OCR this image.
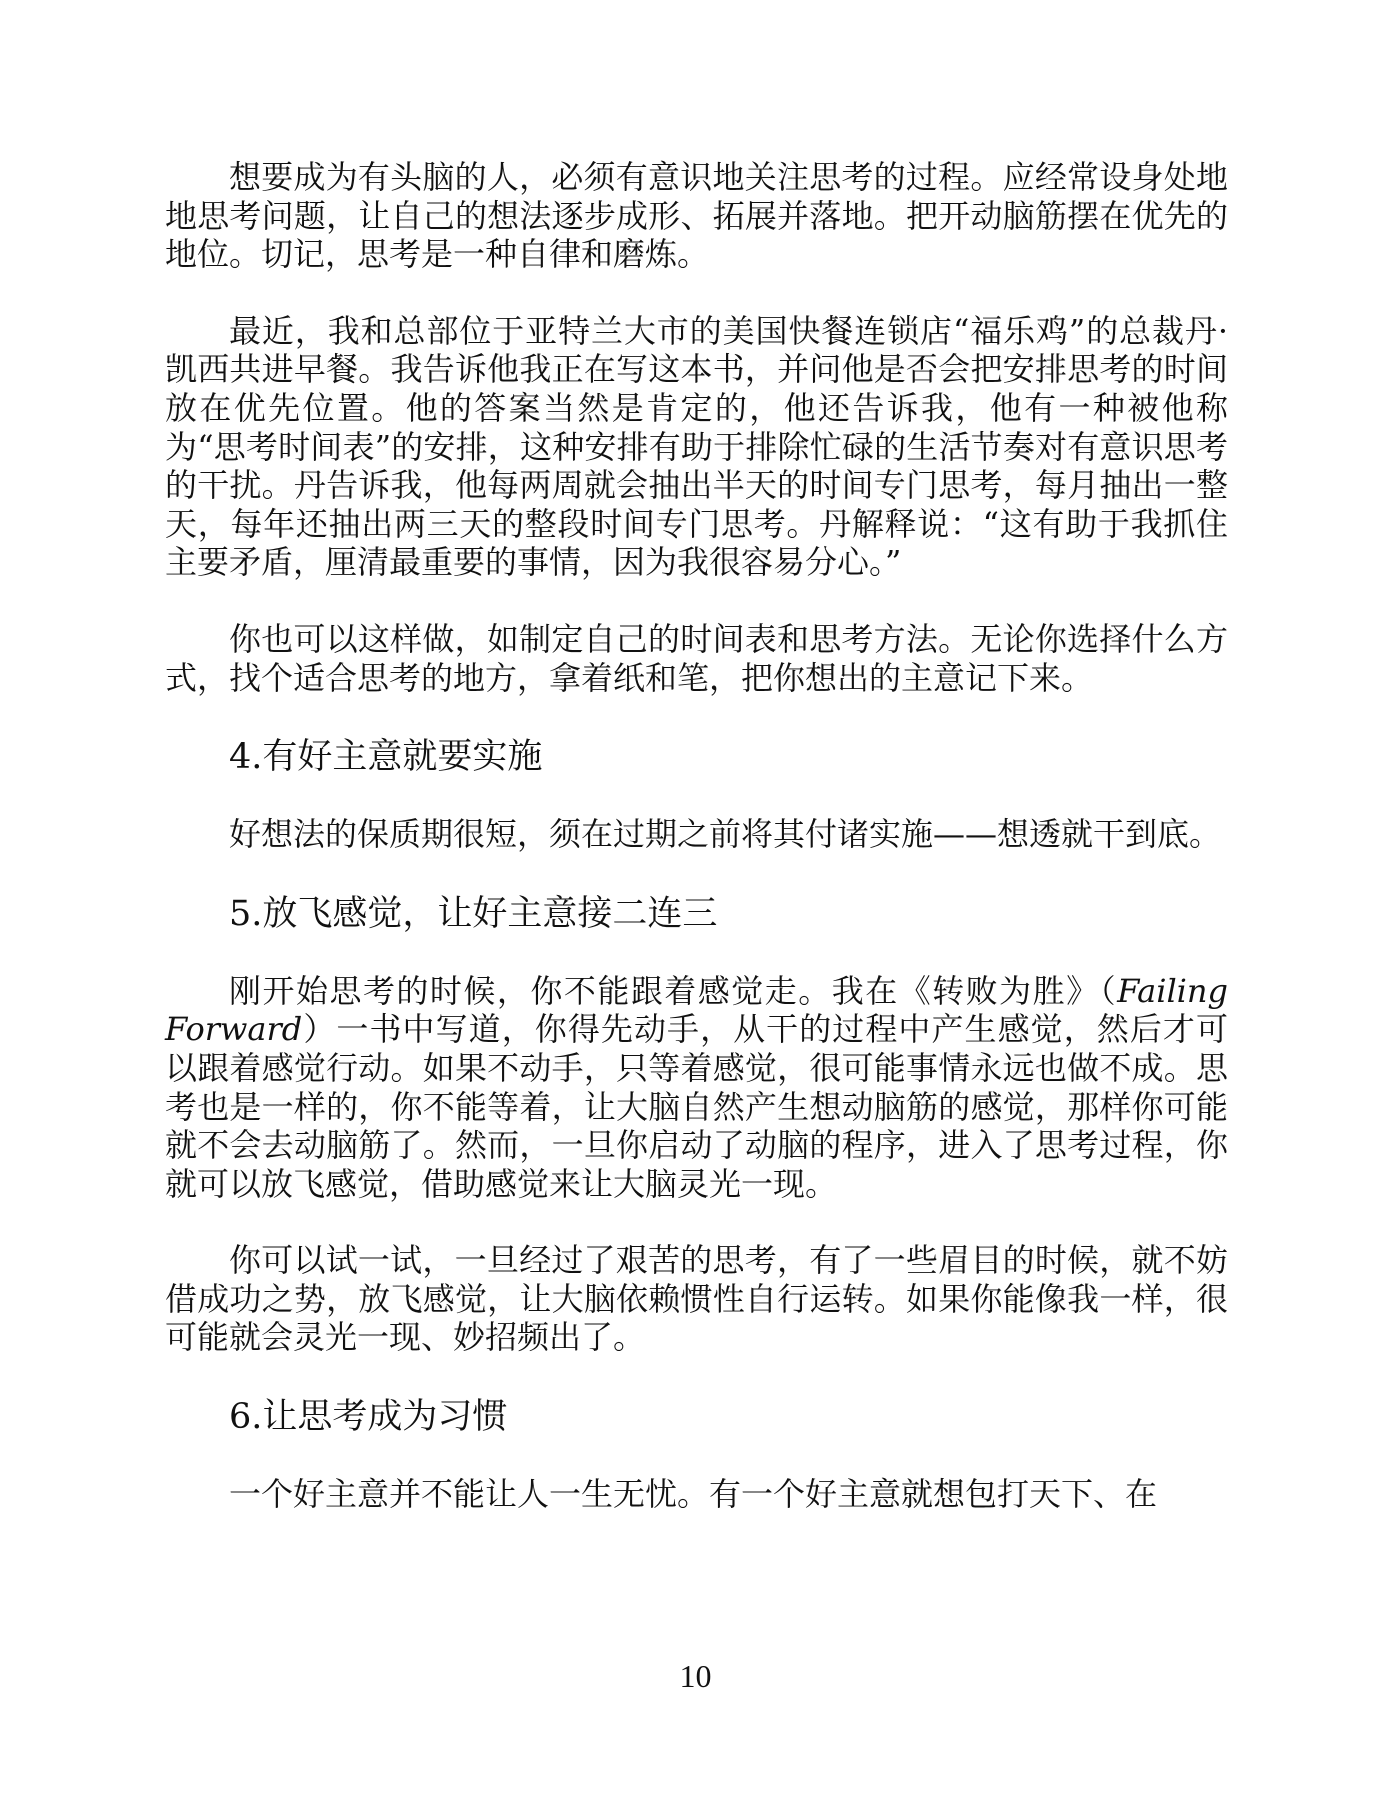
想要成为有头脑的人，必须有意识地关注思考的过程。应经常设身处地地思考问题，让自己的想法逐步成形、拓展并落地。把开动脑筋摆在优先的地位。切记，思考是一种自律和磨炼。

最近，我和总部位于亚特兰大市的美国快餐连锁店“福乐鸡”的总裁丹·凯西共进早餐。我告诉他我正在写这本书，并问他是否会把安排思考的时间放在优先位置。他的答案当然是肯定的，他还告诉我，他有一种被他称为“思考时间表”的安排，这种安排有助于排除忙碌的生活节奏对有意识思考的干扰。丹告诉我，他每两周就会抽出半天的时间专门思考，每月抽出一整天，每年还抽出两三天的整段时间专门思考。丹解释说：“这有助于我抓住主要矛盾，厘清最重要的事情，因为我很容易分心。”

你也可以这样做，如制定自己的时间表和思考方法。无论你选择什么方式，找个适合思考的地方，拿着纸和笔，把你想出的主意记下来。

4.有好主意就要实施

好想法的保质期很短，须在过期之前将其付诸实施——想透就干到底。

5.放飞感觉，让好主意接二连三

刚开始思考的时候，你不能跟着感觉走。我在《转败为胜》（Failing Forward）一书中写道，你得先动手，从干的过程中产生感觉，然后才可以跟着感觉行动。如果不动手，只等着感觉，很可能事情永远也做不成。思考也是一样的，你不能等着，让大脑自然产生想动脑筋的感觉，那样你可能就不会去动脑筋了。然而，一旦你启动了动脑的程序，进入了思考过程，你就可以放飞感觉，借助感觉来让大脑灵光一现。

你可以试一试，一旦经过了艰苦的思考，有了一些眉目的时候，就不妨借成功之势，放飞感觉，让大脑依赖惯性自行运转。如果你能像我一样，很可能就会灵光一现、妙招频出了。

6.让思考成为习惯

一个好主意并不能让人一生无忧。有一个好主意就想包打天下、在

10
